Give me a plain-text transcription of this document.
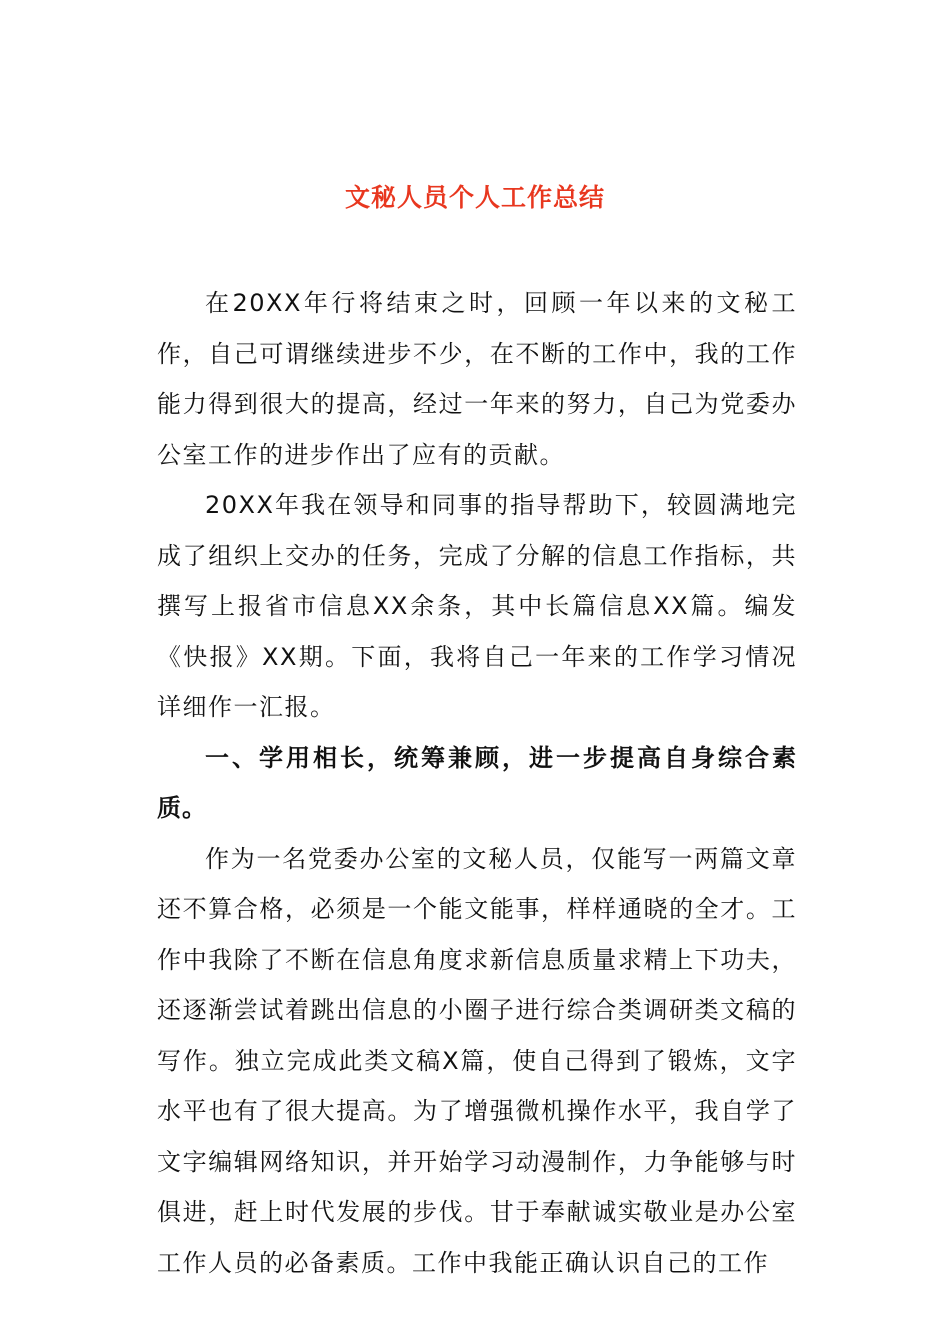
文秘人员个人工作总结

在20XX年行将结束之时，回顾一年以来的文秘工作，自己可谓继续进步不少，在不断的工作中，我的工作能力得到很大的提高，经过一年来的努力，自己为党委办公室工作的进步作出了应有的贡献。

20XX年我在领导和同事的指导帮助下，较圆满地完成了组织上交办的任务，完成了分解的信息工作指标，共撰写上报省市信息XX余条，其中长篇信息XX篇。编发《快报》XX期。下面，我将自己一年来的工作学习情况详细作一汇报。

一、学用相长，统筹兼顾，进一步提高自身综合素质。

作为一名党委办公室的文秘人员，仅能写一两篇文章还不算合格，必须是一个能文能事，样样通晓的全才。工作中我除了不断在信息角度求新信息质量求精上下功夫，还逐渐尝试着跳出信息的小圈子进行综合类调研类文稿的写作。独立完成此类文稿X篇，使自己得到了锻炼，文字水平也有了很大提高。为了增强微机操作水平，我自学了文字编辑网络知识，并开始学习动漫制作，力争能够与时俱进，赶上时代发展的步伐。甘于奉献诚实敬业是办公室工作人员的必备素质。工作中我能正确认识自己的工作
